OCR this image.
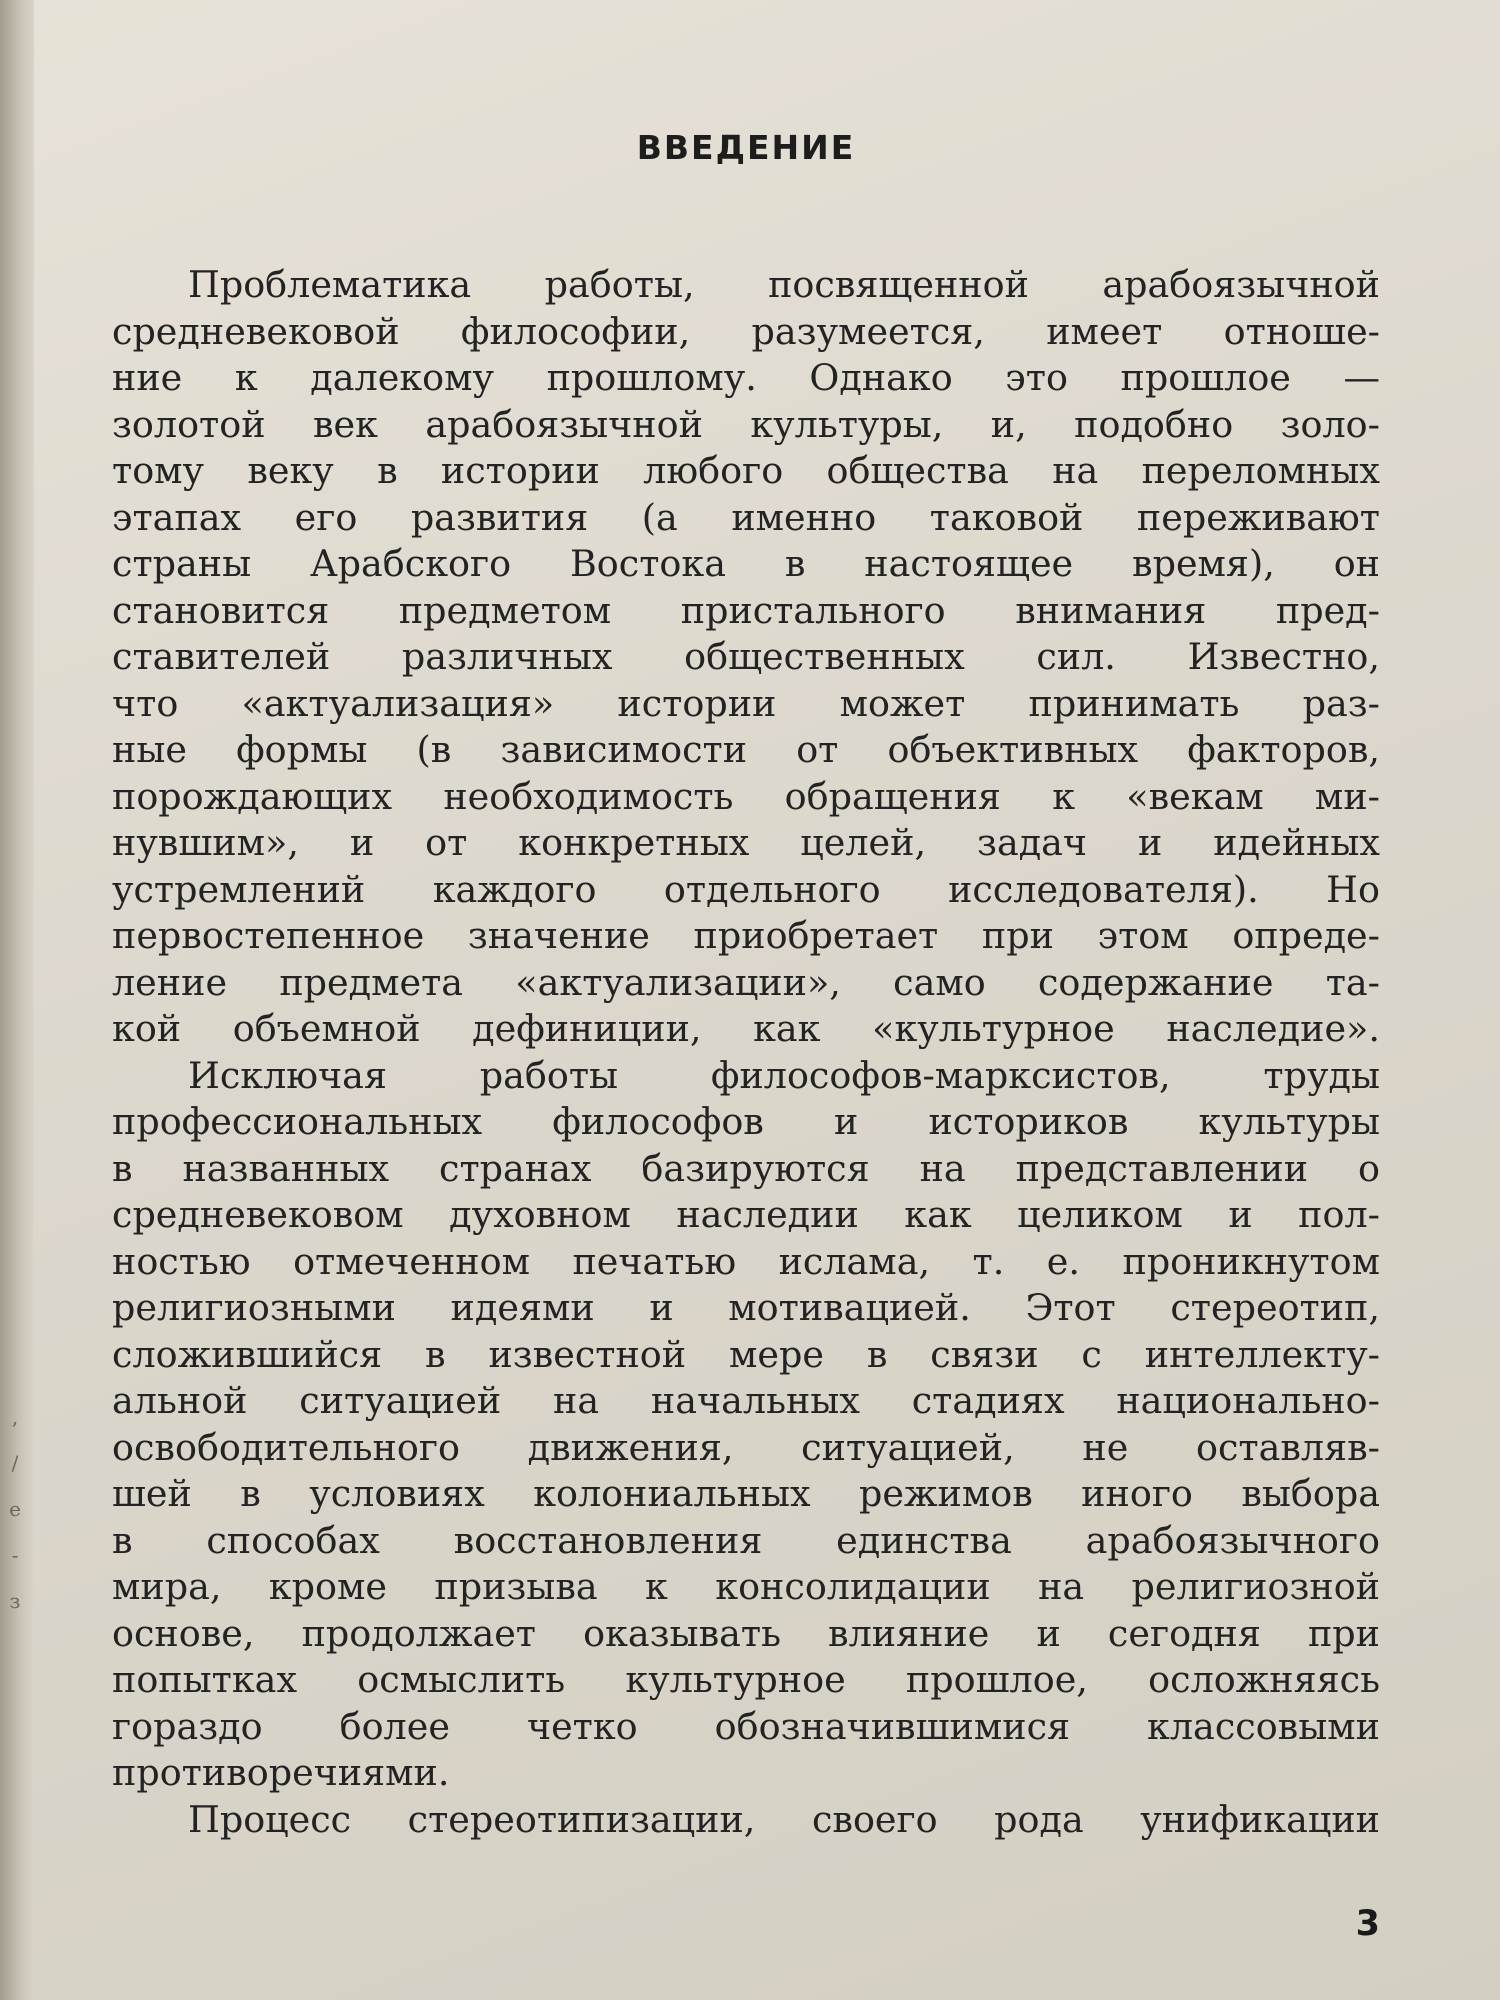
ВВЕДЕНИЕ
Проблематика работы, посвященной арабоязычной
средневековой философии, разумеется, имеет отноше-
ние к далекому прошлому. Однако это прошлое —
золотой век арабоязычной культуры, и, подобно золо-
тому веку в истории любого общества на переломных
этапах его развития (а именно таковой переживают
страны Арабского Востока в настоящее время), он
становится предметом пристального внимания пред-
ставителей различных общественных сил. Известно,
что «актуализация» истории может принимать раз-
ные формы (в зависимости от объективных факторов,
порождающих необходимость обращения к «векам ми-
нувшим», и от конкретных целей, задач и идейных
устремлений каждого отдельного исследователя). Но
первостепенное значение приобретает при этом опреде-
ление предмета «актуализации», само содержание та-
кой объемной дефиниции, как «культурное наследие».
Исключая работы философов-марксистов, труды
профессиональных философов и историков культуры
в названных странах базируются на представлении о
средневековом духовном наследии как целиком и пол-
ностью отмеченном печатью ислама, т. е. проникнутом
религиозными идеями и мотивацией. Этот стереотип,
сложившийся в известной мере в связи с интеллекту-
альной ситуацией на начальных стадиях национально-
освободительного движения, ситуацией, не оставляв-
шей в условиях колониальных режимов иного выбора
в способах восстановления единства арабоязычного
мира, кроме призыва к консолидации на религиозной
основе, продолжает оказывать влияние и сегодня при
попытках осмыслить культурное прошлое, осложняясь
гораздо более четко обозначившимися классовыми
противоречиями.
Процесс стереотипизации, своего рода унификации
3
,
/
е
-
з
